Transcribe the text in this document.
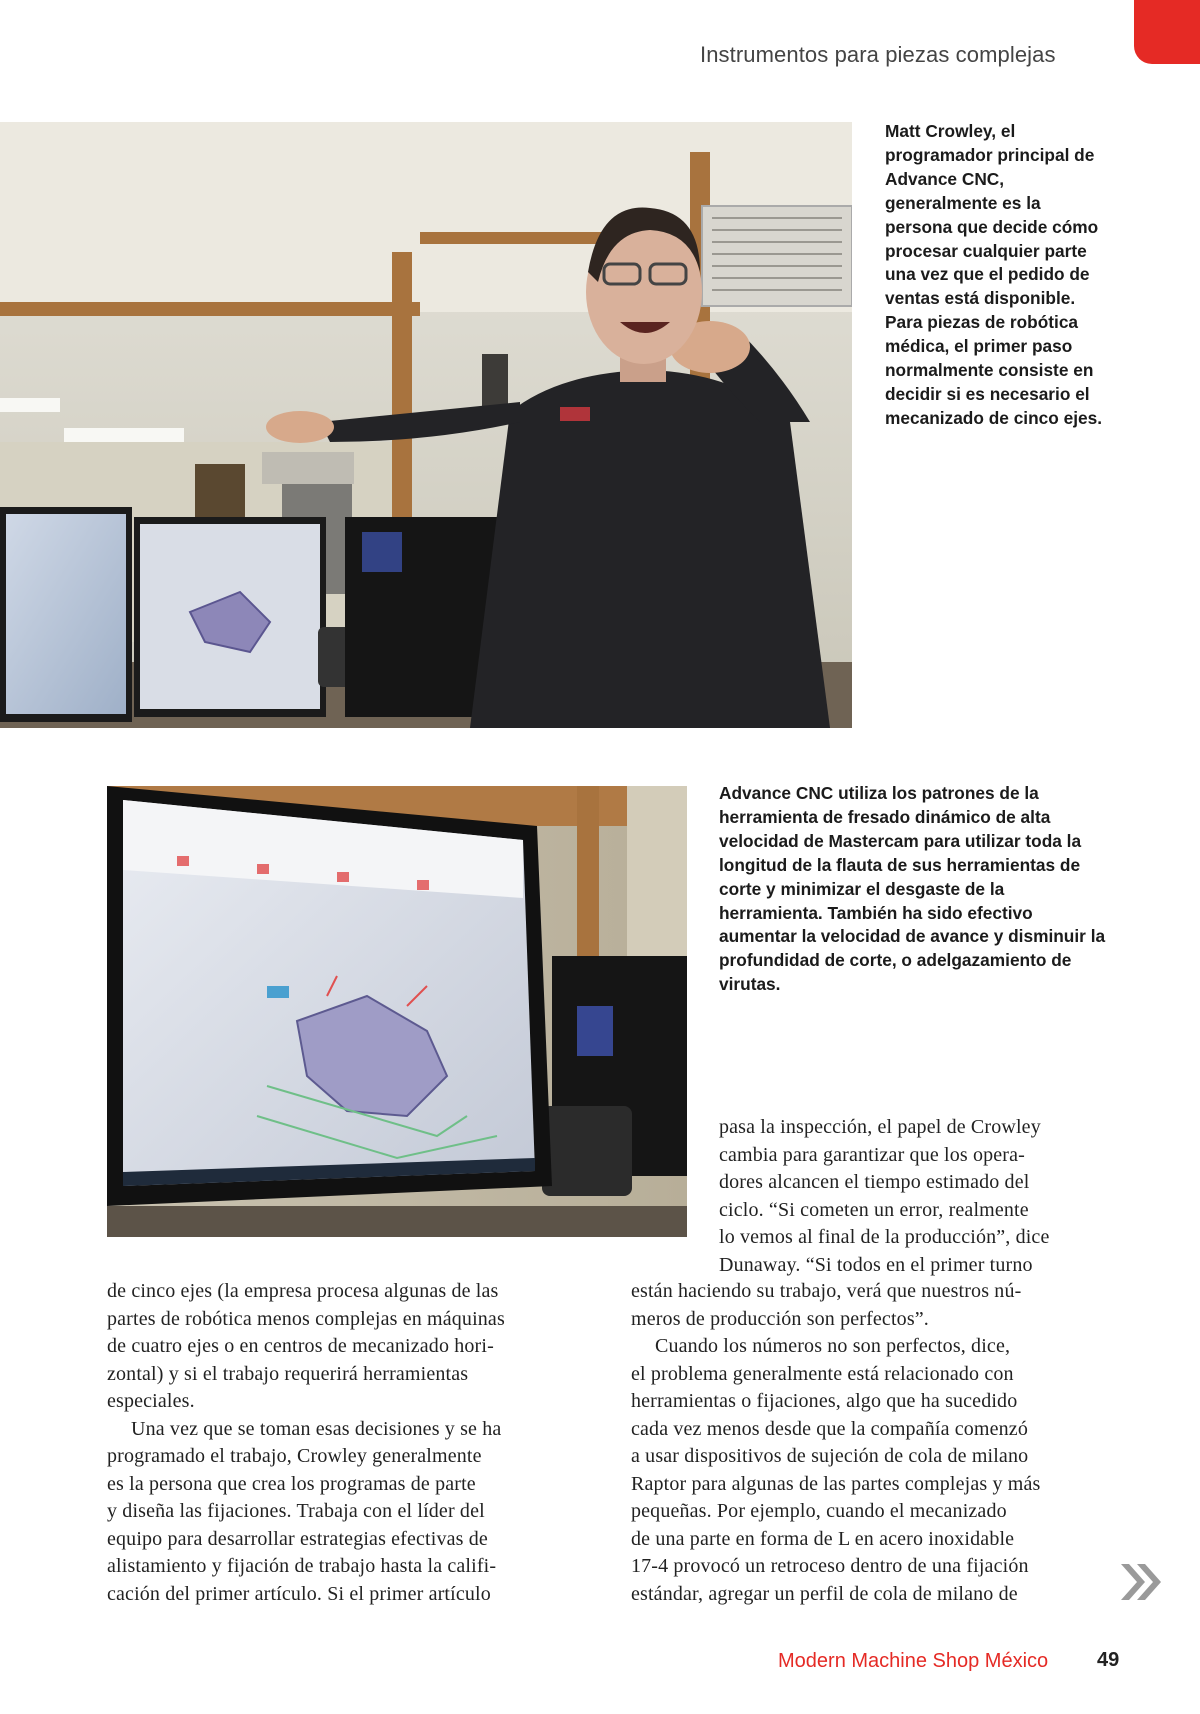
Instrumentos para piezas complejas
Matt Crowley, el
programador principal de
Advance CNC,
generalmente es la
persona que decide cómo
procesar cualquier parte
una vez que el pedido de
ventas está disponible.
Para piezas de robótica
médica, el primer paso
normalmente consiste en
decidir si es necesario el
mecanizado de cinco ejes.
Advance CNC utiliza los patrones de la
herramienta de fresado dinámico de alta
velocidad de Mastercam para utilizar toda la
longitud de la flauta de sus herramientas de
corte y minimizar el desgaste de la
herramienta. También ha sido efectivo
aumentar la velocidad de avance y disminuir la
profundidad de corte, o adelgazamiento de
virutas.
pasa la inspección, el papel de Crowley
cambia para garantizar que los opera-
dores alcancen el tiempo estimado del
ciclo. “Si cometen un error, realmente
lo vemos al final de la producción”, dice
Dunaway. “Si todos en el primer turno
de cinco ejes (la empresa procesa algunas de las
partes de robótica menos complejas en máquinas
de cuatro ejes o en centros de mecanizado hori-
zontal) y si el trabajo requerirá herramientas
especiales.
Una vez que se toman esas decisiones y se ha
programado el trabajo, Crowley generalmente
es la persona que crea los programas de parte
y diseña las fijaciones. Trabaja con el líder del
equipo para desarrollar estrategias efectivas de
alistamiento y fijación de trabajo hasta la califi-
cación del primer artículo. Si el primer artículo
están haciendo su trabajo, verá que nuestros nú-
meros de producción son perfectos”.
Cuando los números no son perfectos, dice,
el problema generalmente está relacionado con
herramientas o fijaciones, algo que ha sucedido
cada vez menos desde que la compañía comenzó
a usar dispositivos de sujeción de cola de milano
Raptor para algunas de las partes complejas y más
pequeñas. Por ejemplo, cuando el mecanizado
de una parte en forma de L en acero inoxidable
17-4 provocó un retroceso dentro de una fijación
estándar, agregar un perfil de cola de milano de
Modern Machine Shop México 49
